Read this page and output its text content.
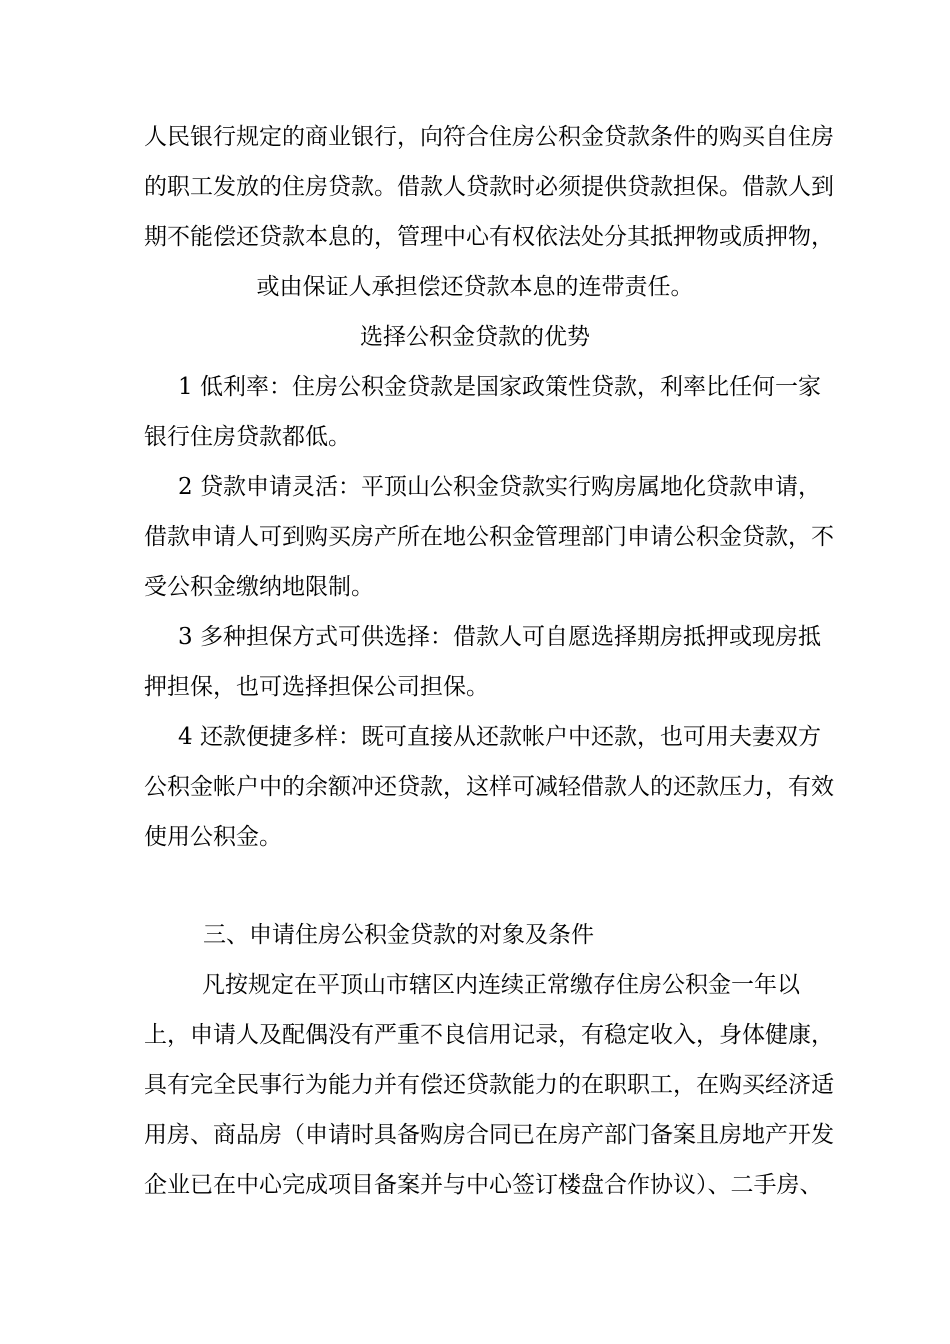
人民银行规定的商业银行，向符合住房公积金贷款条件的购买自住房
的职工发放的住房贷款。借款人贷款时必须提供贷款担保。借款人到
期不能偿还贷款本息的，管理中心有权依法处分其抵押物或质押物，
或由保证人承担偿还贷款本息的连带责任。
选择公积金贷款的优势
1 低利率：住房公积金贷款是国家政策性贷款，利率比任何一家
银行住房贷款都低。
2 贷款申请灵活：平顶山公积金贷款实行购房属地化贷款申请，
借款申请人可到购买房产所在地公积金管理部门申请公积金贷款，不
受公积金缴纳地限制。
3 多种担保方式可供选择：借款人可自愿选择期房抵押或现房抵
押担保，也可选择担保公司担保。
4 还款便捷多样：既可直接从还款帐户中还款，也可用夫妻双方
公积金帐户中的余额冲还贷款，这样可减轻借款人的还款压力，有效
使用公积金。
三、申请住房公积金贷款的对象及条件
凡按规定在平顶山市辖区内连续正常缴存住房公积金一年以
上，申请人及配偶没有严重不良信用记录，有稳定收入，身体健康，
具有完全民事行为能力并有偿还贷款能力的在职职工，在购买经济适
用房、商品房（申请时具备购房合同已在房产部门备案且房地产开发
企业已在中心完成项目备案并与中心签订楼盘合作协议）、二手房、
